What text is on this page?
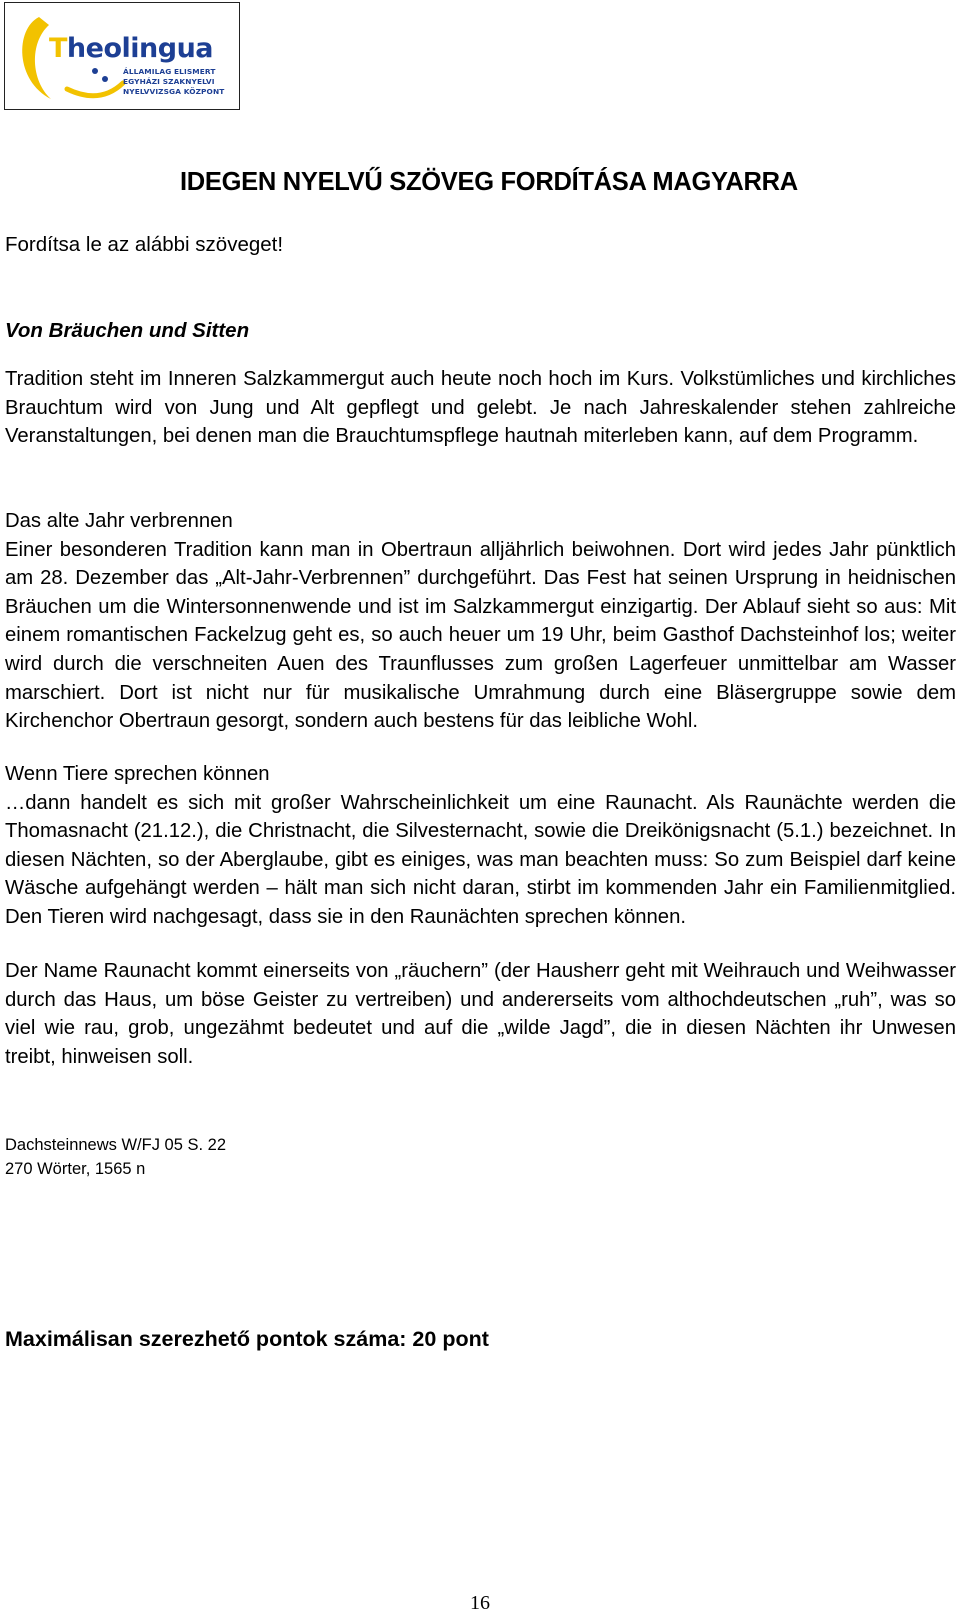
Theolingua
ÁLLAMILAG ELISMERT
EGYHÁZI SZAKNYELVI
NYELVVIZSGA KÖZPONT
IDEGEN NYELVŰ SZÖVEG FORDÍTÁSA MAGYARRA

Fordítsa le az alábbi szöveget!

Von Bräuchen und Sitten

Tradition steht im Inneren Salzkammergut auch heute noch hoch im Kurs. Volkstümliches und kirchliches Brauchtum wird von Jung und Alt gepflegt und gelebt. Je nach Jahreskalender stehen zahlreiche Veranstaltungen, bei denen man die Brauchtumspflege hautnah miterleben kann, auf dem Programm.

Das alte Jahr verbrennen
Einer besonderen Tradition kann man in Obertraun alljährlich beiwohnen. Dort wird jedes Jahr pünktlich am 28. Dezember das „Alt-Jahr-Verbrennen” durchgeführt. Das Fest hat seinen Ursprung in heidnischen Bräuchen um die Wintersonnenwende und ist im Salzkammergut einzigartig. Der Ablauf sieht so aus: Mit einem romantischen Fackelzug geht es, so auch heuer um 19 Uhr, beim Gasthof Dachsteinhof los; weiter wird durch die verschneiten Auen des Traunflusses zum großen Lagerfeuer unmittelbar am Wasser marschiert. Dort ist nicht nur für musikalische Umrahmung durch eine Bläsergruppe sowie dem Kirchenchor Obertraun gesorgt, sondern auch bestens für das leibliche Wohl.

Wenn Tiere sprechen können
…dann handelt es sich mit großer Wahrscheinlichkeit um eine Raunacht. Als Raunächte werden die Thomasnacht (21.12.), die Christnacht, die Silvesternacht, sowie die Dreikönigsnacht (5.1.) bezeichnet. In diesen Nächten, so der Aberglaube, gibt es einiges, was man beachten muss: So zum Beispiel darf keine Wäsche aufgehängt werden – hält man sich nicht daran, stirbt im kommenden Jahr ein Familienmitglied. Den Tieren wird nachgesagt, dass sie in den Raunächten sprechen können.

Der Name Raunacht kommt einerseits von „räuchern” (der Hausherr geht mit Weihrauch und Weihwasser durch das Haus, um böse Geister zu vertreiben) und andererseits vom althochdeutschen „ruh”, was so viel wie rau, grob, ungezähmt bedeutet und auf die „wilde Jagd”, die in diesen Nächten ihr Unwesen treibt, hinweisen soll.

Dachsteinnews W/FJ 05 S. 22
270 Wörter, 1565 n

Maximálisan szerezhető pontok száma: 20 pont

16
